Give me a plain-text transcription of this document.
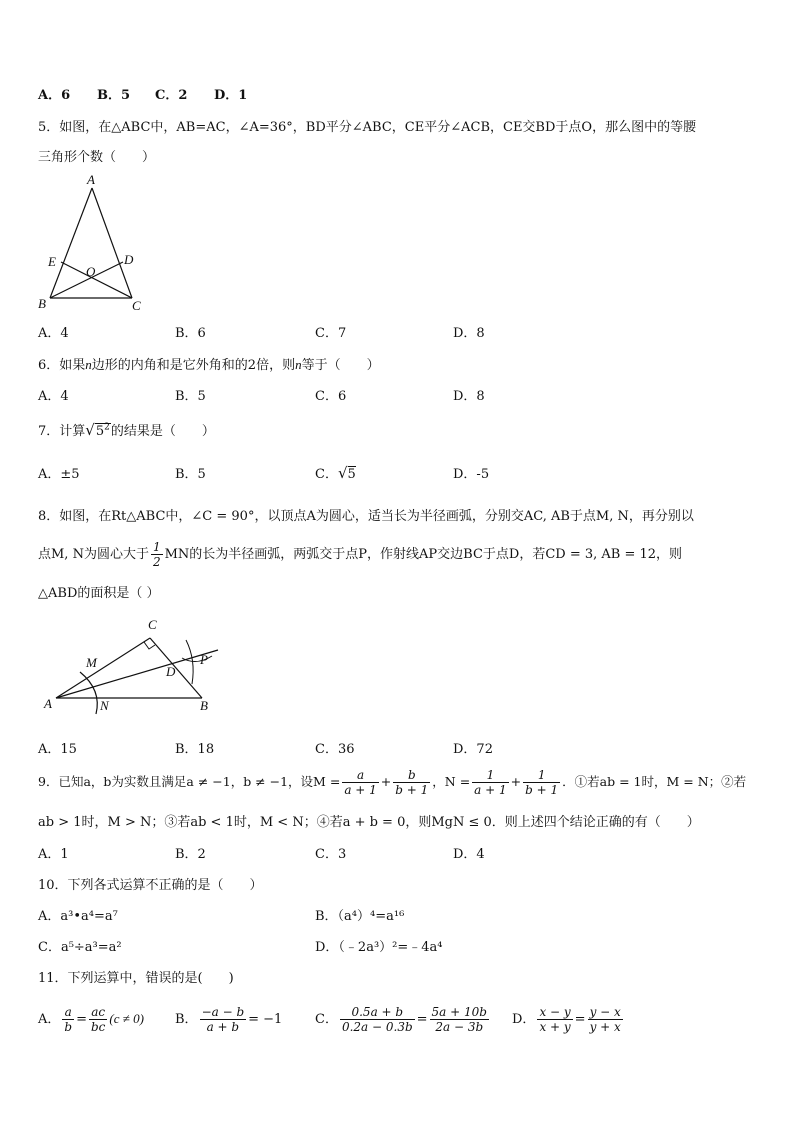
A．6 B．5 C．2 D．1
5．如图，在△ABC中，AB=AC，∠A=36°，BD平分∠ABC，CE平分∠ACB，CE交BD于点O，那么图中的等腰
三角形个数（　　）
A
B	C
D
E
O
A．4	B．6	C．7	D．8
6．如果n边形的内角和是它外角和的2倍，则n等于（　　）
A．4	B．5	C．6	D．8
7．计算$√5^2$的结果是（　　）
A．±5	B．5	C．√5	D．-5
8．如图，在Rt△ABC中，∠C = 90°，以顶点A为圆心，适当长为半径画弧，分别交AC, AB于点M, N，再分别以
点M, N为圆心大于 $\frac{1}{2}$ MN的长为半径画弧，两弧交于点P，作射线AP交边BC于点D，若CD = 3, AB = 12，则
△ABD的面积是（ ）
A	B
C
D
M
N
P
A．15	B．18	C．36	D．72
9．已知a，b为实数且满足a ≠ −1，b ≠ −1，设$M = \frac{a}{a + 1} + \frac{b}{b + 1}$ ，$N = \frac{1}{a + 1} + \frac{1}{b + 1}$ ．①若ab = 1时，M = N；②若
ab > 1时，M > N；③若ab < 1时，M < N；④若a + b = 0，则MgN ≤ 0．则上述四个结论正确的有（　　）
A．1	B．2	C．3	D．4
10．下列各式运算不正确的是（　　）
A．a³•a⁴=a⁷	B．（a⁴）⁴=a¹⁶
C．a⁵÷a³=a²	D．（﹣2a³）²=﹣4a⁴
11．下列运算中，错误的是(　　)
A． $\frac{a}{b} = \frac{ac}{bc} (c \ne 0)$ B． $\frac{-a - b}{a + b} = -1$	C． $\frac{0.5a + b}{0.2a - 0.3b} = \frac{5a + 10b}{2a - 3b}$ D． $\frac{x - y}{x + y} = \frac{y - x}{y + x}$
